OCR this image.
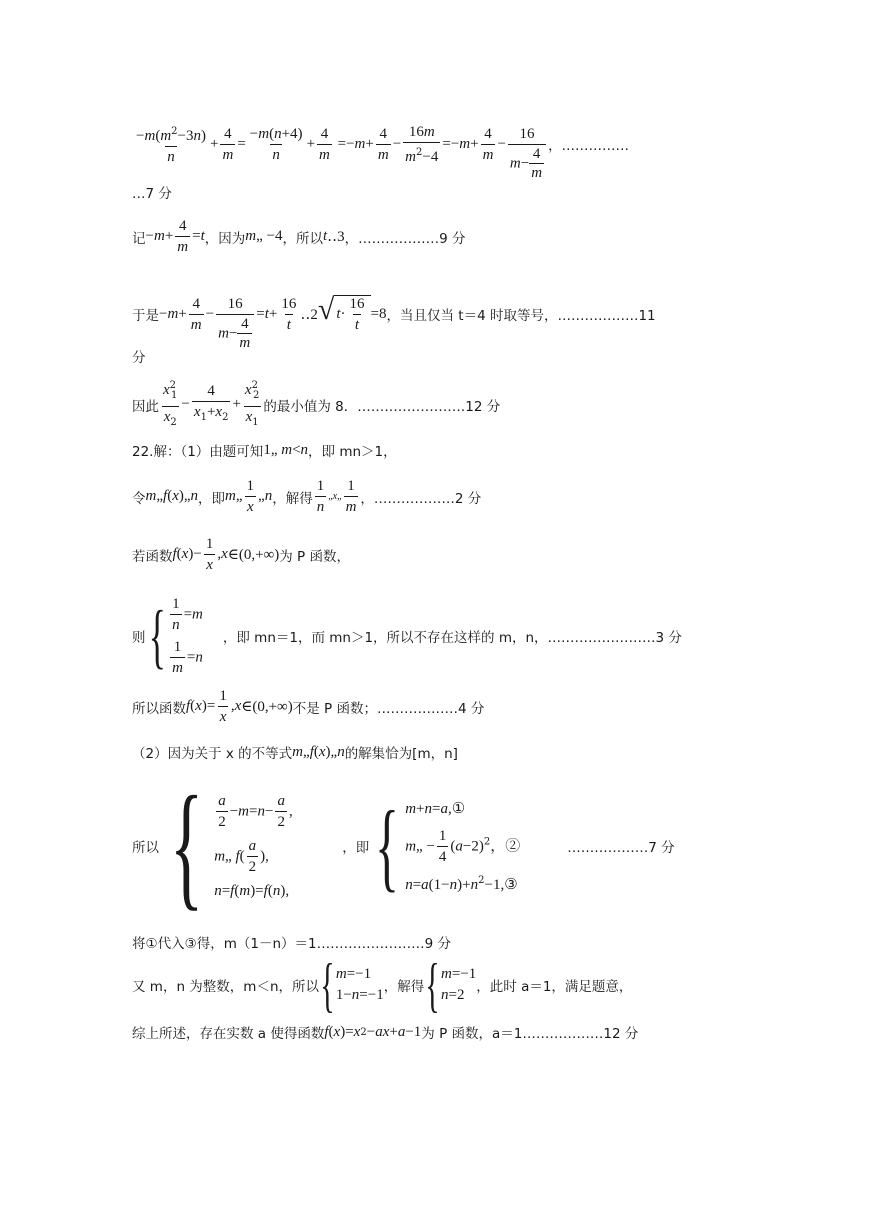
$\frac{-m(m^2-3n)}{n} + \frac{4}{m} = \frac{-m(n+4)}{n} + \frac{4}{m} =- m + \frac{4}{m} - \frac{16m}{m^2-4} =- m + \frac{4}{m} - \frac{16}{m- \frac{4}{m}}$ ，……………
…7 分
记 − $m + \frac{4}{m} = t$ ，因为 m „ −4 ，所以 t ‥3 ，………………9 分
于是 − $m + \frac{4}{m} - \frac{16}{m- \frac{4}{m}} = t + \frac{16}{t}$ ‥2 √ $t \cdot \frac{16}{t} =8$ ，当且仅当 t＝4 时取等号，………………11
分
因此 $\frac{x^2_1}{x_2} - \frac{4}{x_1+x_2} + \frac{x^2_2}{x_1}$ 的最小值为 8．……………………12 分
22.解：（1）由题可知 1„ m < n ，即 mn＞1，
令 m „ f ( x )„ n ，即 m „ $\frac{1}{x}$ „ n ，解得 $\frac{1}{n}$ „ x „ $\frac{1}{m}$ ，………………2 分
若函数 f ( x )− $\frac{1}{x}$ , x ∈(0,+∞) 为 P 函数，
则 { $\frac{1}{n} =m$
$\frac{1}{m} =n$
，即 mn＝1，而 mn＞1，所以不存在这样的 m，n，……………………3 分
所以函数 f ( x )= $\frac{1}{x}$ , x ∈(0,+∞) 不是 P 函数；………………4 分
（2）因为关于 x 的不等式 m „ f ( x )„ n 的解集恰为[m，n]
所以 { $\frac{a}{2} -m=n- \frac{a}{2}$ ,
m„ $f( \frac{a}{2}$ ),
n=f(m)=f(n),
，即 { m+n=a,①
m„ − $\frac{1}{4} (a-2)^2$，②
$n=a(1-n)+n^2-1,③$
………………7 分
将①代入③得，m（1－n）＝1……………………9 分
又 m，n 为整数，m＜n，所以 { m=−1
1−n=−1 ，解得 { m=−1
n=2 ，此时 a＝1，满足题意，
综上所述，存在实数 a 使得函数 f ( x )= x 2 − ax + a −1 为 P 函数，a＝1………………12 分
